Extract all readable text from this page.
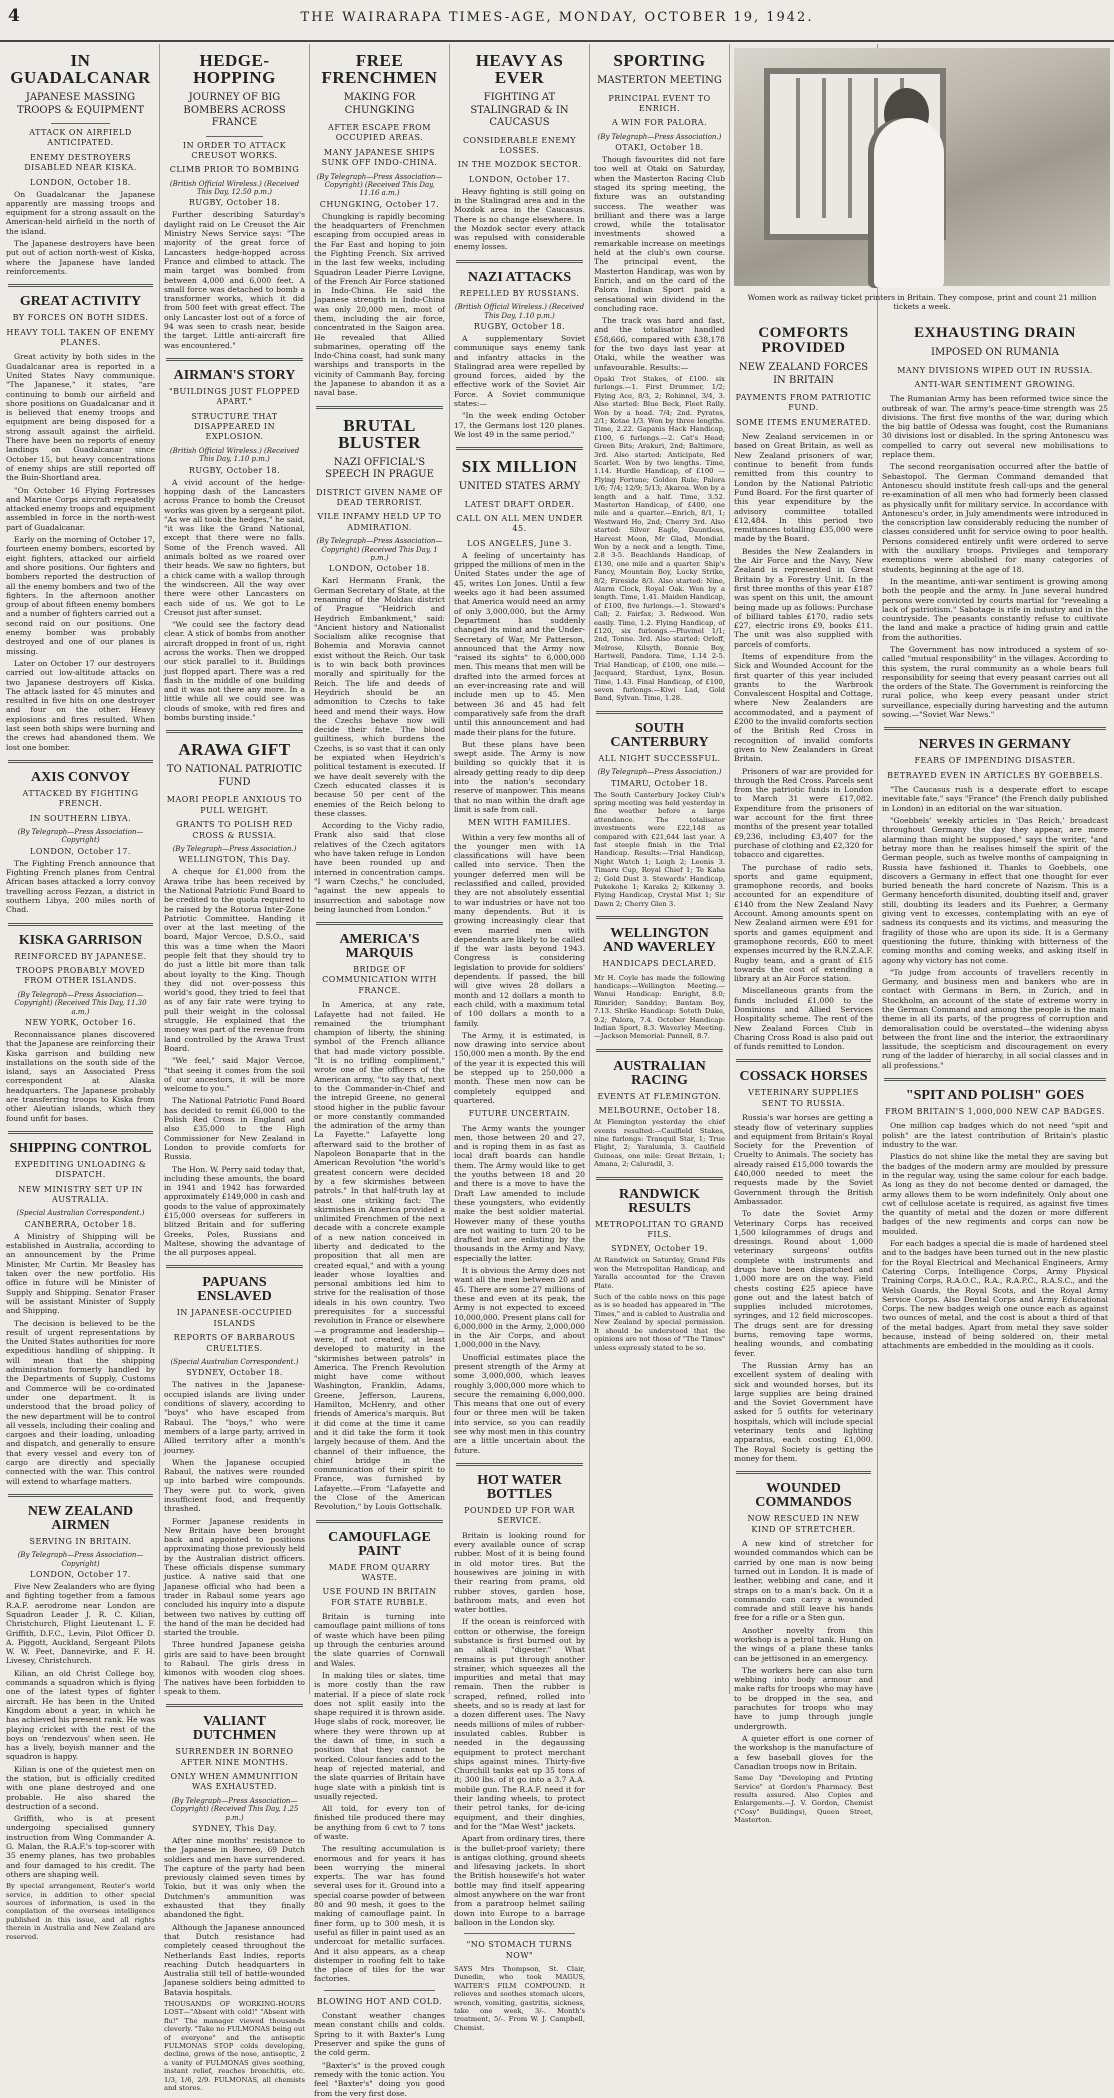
4	THE WAIRARAPA TIMES-AGE, MONDAY, OCTOBER 19, 1942.
IN GUADALCANAR
JAPANESE MASSING TROOPS & EQUIPMENT
ATTACK ON AIRFIELD ANTICIPATED.
ENEMY DESTROYERS DISABLED NEAR KISKA.
LONDON, October 18.

On Guadalcanar the Japanese apparently are massing troops and equipment for a strong assault on the American-held airfield in the north of the island.

The Japanese destroyers have been put out of action north-west of Kiska, where the Japanese have landed reinforcements.

GREAT ACTIVITY
BY FORCES ON BOTH SIDES.
HEAVY TOLL TAKEN OF ENEMY PLANES.

Great activity by both sides in the Guadalcanar area is reported in a United States Navy communique. "The Japanese," it states, "are continuing to bomb our airfield and shore positions on Guadalcanar and it is believed that enemy troops and equipment are being disposed for a strong assault against the airfield. There have been no reports of enemy landings on Guadalcanar since October 15, but heavy concentrations of enemy ships are still reported off the Buin-Shortland area.

"On October 16 Flying Fortresses and Marine Corps aircraft repeatedly attacked enemy troops and equipment assembled in force in the north-west part of Guadalcanar.

Early on the morning of October 17, fourteen enemy bombers, escorted by eight fighters, attacked our airfield and shore positions. Our fighters and bombers reported the destruction of all the enemy bombers and two of the fighters. In the afternoon another group of about fifteen enemy bombers and a number of fighters carried out a second raid on our positions. One enemy bomber was probably destroyed and one of our planes is missing.

Later on October 17 our destroyers carried out low-altitude attacks on two Japanese destroyers off Kiska. The attack lasted for 45 minutes and resulted in five hits on one destroyer and four on the other. Heavy explosions and fires resulted. When last seen both ships were burning and the crews had abandoned them. We lost one bomber.

AXIS CONVOY
ATTACKED BY FIGHTING FRENCH.
IN SOUTHERN LIBYA.
(By Telegraph—Press Association—Copyright)
LONDON, October 17.

The Fighting French announce that Fighting French planes from Central African bases attacked a lorry convoy travelling across Fezzan, a district in southern Libya, 200 miles north of Chad.

KISKA GARRISON
REINFORCED BY JAPANESE.
TROOPS PROBABLY MOVED FROM OTHER ISLANDS.
(By Telegraph—Press Association—Copyright) (Received This Day, 11.30 a.m.)
NEW YORK, October 16.

Reconnaissance planes discovered that the Japanese are reinforcing their Kiska garrison and building new installations on the south side of the island, says an Associated Press correspondent at Alaska headquarters. The Japanese probably are transferring troops to Kiska from other Aleutian islands, which they found unfit for bases.

SHIPPING CONTROL
EXPEDITING UNLOADING & DISPATCH.
NEW MINISTRY SET UP IN AUSTRALIA.
(Special Australian Correspondent.)
CANBERRA, October 18.

A Ministry of Shipping will be established in Australia, according to an announcement by the Prime Minister, Mr Curtin. Mr Beasley has taken over the new portfolio. His office in future will be Minister of Supply and Shipping. Senator Fraser will be assistant Minister of Supply and Shipping.

The decision is believed to be the result of urgent representations by the United States authorities for more expeditious handling of shipping. It will mean that the shipping administration formerly handled by the Departments of Supply, Customs and Commerce will be co-ordinated under one department. It is understood that the broad policy of the new department will be to control all vessels, including their coaling and cargoes and their loading, unloading and dispatch, and generally to ensure that every vessel and every ton of cargo are directly and specially connected with the war. This control will extend to wharfage matters.

NEW ZEALAND AIRMEN
SERVING IN BRITAIN.
(By Telegraph—Press Association—Copyright)
LONDON, October 17.

Five New Zealanders who are flying and fighting together from a famous R.A.F. aerodrome near London are Squadron Leader J. R. C. Kilian, Christchurch, Flight Lieutenant L. F. Griffith, D.F.C., Levin, Pilot Officer D. A. Piggott, Auckland, Sergeant Pilots W. W. Peet, Dannevirke, and F. H. Livesey, Christchurch.

Kilian, an old Christ College boy, commands a squadron which is flying one of the latest types of fighter aircraft. He has been in the United Kingdom about a year, in which he has achieved his present rank. He was playing cricket with the rest of the boys on 'rendezvous' when seen. He has a lively, boyish manner and the squadron is happy.

Kilian is one of the quietest men on the station, but is officially credited with one plane destroyed and one probable. He also shared the destruction of a second.

Griffith, who is at present undergoing specialised gunnery instruction from Wing Commander A. G. Malan, the R.A.F.'s top-scorer with 35 enemy planes, has two probables and four damaged to his credit. The others are shaping well.

By special arrangement, Reuter's world service, in addition to other special sources of information, is used in the compilation of the overseas intelligence published in this issue, and all rights therein in Australia and New Zealand are reserved.

HEDGE-HOPPING
JOURNEY OF BIG BOMBERS ACROSS FRANCE
IN ORDER TO ATTACK CREUSOT WORKS.
CLIMB PRIOR TO BOMBING
(British Official Wireless.) (Received This Day, 12.50 p.m.)
RUGBY, October 18.

Further describing Saturday's daylight raid on Le Creusot the Air Ministry News Service says: "The majority of the great force of Lancasters hedge-hopped across France and climbed to attack. The main target was bombed from between 4,000 and 6,000 feet. A small force was detached to bomb a transformer works, which it did from 500 feet with great effect. The only Lancaster lost out of a force of 94 was seen to crash near, beside the target. Little anti-aircraft fire was encountered."

AIRMAN'S STORY
"BUILDINGS JUST FLOPPED APART."
STRUCTURE THAT DISAPPEARED IN EXPLOSION.
(British Official Wireless.) (Received This Day, 1.10 p.m.)
RUGBY, October 18.

A vivid account of the hedge-hopping dash of the Lancasters across France to bomb the Creusot works was given by a sergeant pilot. "As we all took the hedges," he said, "it was like the Grand National, except that there were no falls. Some of the French waved. All animals bolted as we roared over their heads. We saw no fighters, but a chick came with a wallop through the windscreen. All the way over there were other Lancasters on each side of us. We got to Le Creusot just after sunset.

"We could see the factory dead clear. A stick of bombs from another aircraft dropped in front of us, right across the works. Then we dropped our stick parallel to it. Buildings just flopped apart. There was a red flash in the middle of one building and it was not there any more. In a little while all we could see was clouds of smoke, with red fires and bombs bursting inside."

ARAWA GIFT
TO NATIONAL PATRIOTIC FUND
MAORI PEOPLE ANXIOUS TO PULL WEIGHT.
GRANTS TO POLISH RED CROSS & RUSSIA.
(By Telegraph—Press Association.)
WELLINGTON, This Day.

A cheque for £1,000 from the Arawa tribe has been received by the National Patriotic Fund Board to be credited to the quota required to be raised by the Rotorua Inter-Zone Patriotic Committee. Handing it over at the last meeting of the board, Major Vercoe, D.S.O., said this was a time when the Maori people felt that they should try to do just a little bit more than talk about loyalty to the King. Though they did not over-possess this world's good, they tried to feel that as of any fair rate were trying to pull their weight in the colossal struggle. He explained that the money was part of the revenue from land controlled by the Arawa Trust Board.

"We feel," said Major Vercoe, "that seeing it comes from the soil of our ancestors, it will be more welcome to you."

The National Patriotic Fund Board has decided to remit £6,000 to the Polish Red Cross in England and also £35,000 to the High Commissioner for New Zealand in London to provide comforts for Russia.

The Hon. W. Perry said today that, including these amounts, the board in 1941 and 1942 has forwarded approximately £149,000 in cash and goods to the value of approximately £15,000 overseas for sufferers in blitzed Britain and for suffering Greeks, Poles, Russians and Maltese, showing the advantage of the all purposes appeal.

PAPUANS ENSLAVED
IN JAPANESE-OCCUPIED ISLANDS
REPORTS OF BARBAROUS CRUELTIES.
(Special Australian Correspondent.)
SYDNEY, October 18.

The natives in the Japanese-occupied islands are living under conditions of slavery, according to "boys" who have escaped from Rabaul. The "boys," who were members of a large party, arrived in Allied territory after a month's journey.

When the Japanese occupied Rabaul, the natives were rounded up into barbed wire compounds. They were put to work, given insufficient food, and frequently thrashed.

Former Japanese residents in New Britain have been brought back and appointed to positions approximating those previously held by the Australian district officers. These officials dispense summary justice. A native said that one Japanese official who had been a trader in Rabaul some years ago concluded his inquiry into a dispute between two natives by cutting off the hand of the man he decided had started the trouble.

Three hundred Japanese geisha girls are said to have been brought to Rabaul. The girls dress in kimonos with wooden clog shoes. The natives have been forbidden to speak to them.

VALIANT DUTCHMEN
SURRENDER IN BORNEO AFTER NINE MONTHS.
ONLY WHEN AMMUNITION WAS EXHAUSTED.
(By Telegraph—Press Association—Copyright) (Received This Day, 1.25 p.m.)
SYDNEY, This Day.

After nine months' resistance to the Japanese in Borneo, 69 Dutch soldiers and men have surrendered. The capture of the party had been previously claimed seven times by Tokio, but it was only when the Dutchmen's ammunition was exhausted that they finally abandoned the fight.

Although the Japanese announced that Dutch resistance had completely ceased throughout the Netherlands East Indies, reports reaching Dutch headquarters in Australia still tell of battle-wounded Japanese soldiers being admitted to Batavia hospitals.

THOUSANDS OF WORKING-HOURS LOST—"Absent with cold!" "Absent with flu!" The manager viewed thousands cleverly. "Take no FULMONAS being out of everyone" and the antiseptic FULMONAS STOP colds developing, decline, grows of the nose, antiseptic, 2 a vanity of FULMONAS gives soothing, instant relief, reaches bronchitis, etc. 1/3, 1/6, 2/9. FULMONAS, all chemists and stores.

FREE FRENCHMEN
MAKING FOR CHUNGKING
AFTER ESCAPE FROM OCCUPIED AREAS.
MANY JAPANESE SHIPS SUNK OFF INDO-CHINA.
(By Telegraph—Press Association—Copyright) (Received This Day, 11.16 a.m.)
CHUNGKING, October 17.

Chungking is rapidly becoming the headquarters of Frenchmen escaping from occupied areas in the Far East and hoping to join the Fighting French. Six arrived in the last few weeks, including Squadron Leader Pierre Lovigne, of the French Air Force stationed in Indo-China. He said the Japanese strength in Indo-China was only 20,000 men, most of them, including the air force, concentrated in the Saigon area. He revealed that Allied submarines, operating off the Indo-China coast, had sunk many warships and transports in the vicinity of Cammanh Bay, forcing the Japanese to abandon it as a naval base.

BRUTAL BLUSTER
NAZI OFFICIAL'S SPEECH IN PRAGUE
DISTRICT GIVEN NAME OF DEAD TERRORIST.
VILE INFAMY HELD UP TO ADMIRATION.
(By Telegraph—Press Association—Copyright) (Received This Day, 1 p.m.)
LONDON, October 18.

Karl Hermann Frank, the German Secretary of State, at the renaming of the Moldau district of Prague "Heidrich and Heydrich Embankment," said: "Ancient history and Nationalist Socialism alike recognise that Bohemia and Moravia cannot exist without the Reich. Our task is to win back both provinces morally and spiritually for the Reich. The life and deeds of Heydrich should be an admonition to Czechs to take heed and mend their ways. How the Czechs behave now will decide their fate. The blood guiltiness, which burdens the Czechs, is so vast that it can only be expiated when Heydrich's political testament is executed. If we have dealt severely with the Czech educated classes it is because 50 per cent of the enemies of the Reich belong to these classes.

According to the Vichy radio, Frank also said that close relatives of the Czech agitators who have taken refuge in London have been rounded up and interned in concentration camps. "I warn Czechs," he concluded, "against the new appeals to insurrection and sabotage now being launched from London."

AMERICA'S MARQUIS
BRIDGE OF COMMUNICATION WITH FRANCE.

In America, at any rate, Lafayette had not failed. He remained the triumphant champion of liberty, the shining symbol of the French alliance that had made victory possible. "It is no trifling compliment," wrote one of the officers of the American army, "to say that, next to the Commander-in-Chief and the intrepid Greene, no general stood higher in the public favour or more constantly commanded the admiration of the army than La Fayette." Lafayette long afterward said to the brother of Napoleon Bonaparte that in the American Revolution "the world's greatest concern were decided by a few skirmishes between patrols." In that half-truth lay at least one striking fact: The skirmishes in America provided a unlimited Frenchmen of the next decade with a concrete example of a new nation conceived in liberty and dedicated to the proposition that all men are created equal," and with a young leader whose loyalties and personal ambitions led him to strive for the realisation of those ideals in his own country. Two prerequisites for a successful revolution in France or elsewhere—a programme and leadership—were, if not created, at least developed to maturity in the "skirmishes between patrols" in America. The French Revolution might have come without Washington, Franklin, Adams, Greene, Jefferson, Laurens, Hamilton, McHenry, and other friends of America's marquis. But it did come at the time it came and it did take the form it took largely because of them. And the channel of their influence, the chief bridge in the communication of their spirit to France, was furnished by Lafayette.—From "Lafayette and the Close of the American Revolution," by Louis Gottschalk.

CAMOUFLAGE PAINT
MADE FROM QUARRY WASTE.
USE FOUND IN BRITAIN FOR STATE RUBBLE.

Britain is turning into camouflage paint millions of tons of waste which have been piling up through the centuries around the slate quarries of Cornwall and Wales.

In making tiles or slates, time is more costly than the raw material. If a piece of slate rock does not split easily into the shape required it is thrown aside. Huge slabs of rock, moreover, lie where they were thrown up at the dawn of time, in such a position that they cannot be worked. Colour fancies add to the heap of rejected material, and the slate quarries of Britain have huge slate with a pinkish tint is usually rejected.

All told, for every ton of finished tile produced there may be anything from 6 cwt to 7 tons of waste.

The resulting accumulation is enormous and for years it has been worrying the mineral experts. The war has found several uses for it. Ground into a special coarse powder of between 80 and 90 mesh, it goes to the making of camouflage paint. In finer form, up to 300 mesh, it is useful as filler in paint used as an undercoat for metallic surfaces. And it also appears, as a cheap distemper in roofing felt to take the place of tiles for the war factories.

BLOWING HOT AND COLD.

Constant weather changes mean constant chills and colds. Spring to it with Baxter's Lung Preserver and spike the guns of the cold germ.

"Baxter's" is the proved cough remedy with the tonic action. You feel "Baxter's" doing you good from the very first dose.

HEAVY AS EVER
FIGHTING AT STALINGRAD & IN CAUCASUS
CONSIDERABLE ENEMY LOSSES.
IN THE MOZDOK SECTOR.
LONDON, October 17.

Heavy fighting is still going on in the Stalingrad area and in the Mozdok area in the Caucasus. There is no change elsewhere. In the Mozdok sector every attack was repulsed with considerable enemy losses.

NAZI ATTACKS
REPELLED BY RUSSIANS.
(British Official Wireless.) (Received This Day, 1.10 p.m.)
RUGBY, October 18.

A supplementary Soviet communique says enemy tank and infantry attacks in the Stalingrad area were repelled by ground forces, aided by the effective work of the Soviet Air Force. A Soviet communique states:—

"In the week ending October 17, the Germans lost 120 planes. We lost 49 in the same period."

SIX MILLION
UNITED STATES ARMY
LATEST DRAFT ORDER.
CALL ON ALL MEN UNDER 45.
LOS ANGELES, June 3.

A feeling of uncertainty has gripped the millions of men in the United States under the age of 45, writes Lon Jones. Until a few weeks ago it had been assumed that America would need an army of only 3,000,000, but the Army Department has suddenly changed its mind and the Under-Secretary of War, Mr Patterson, announced that the Army now "raised its sights" to 6,000,000 men. This means that men will be drafted into the armed forces at an ever-increasing rate and will include men up to 45. Men between 36 and 45 had felt comparatively safe from the draft until this announcement and had made their plans for the future.

But these plans have been swept aside. The Army is now building so quickly that it is already getting ready to dip deep into the nation's secondary reserve of manpower. This means that no man within the draft age limit is safe from call.

MEN WITH FAMILIES.

Within a very few months all of the younger men with 1A classifications will have been called into service. Then the younger deferred men will be reclassified and called, provided they are not absolutely essential to war industries or have not too many dependents. But it is growing increasingly clear that even married men with dependents are likely to be called if the war lasts beyond 1943. Congress is considering legislation to provide for soldiers' dependents. If passed, the bill will give wives 28 dollars a month and 12 dollars a month to each child, with a maximum total of 100 dollars a month to a family.

The Army, it is estimated, is now drawing into service about 150,000 men a month. By the end of the year it is expected this will be stepped up to 250,000 a month. These men now can be completely equipped and quartered.

FUTURE UNCERTAIN.

The Army wants the younger men, those between 20 and 27, and is roping them in as fast as local draft boards can handle them. The Army would like to get the youths between 18 and 20 and there is a move to have the Draft Law amended to include these youngsters, who evidently make the best soldier material. However many of these youths are not waiting to turn 20 to be drafted but are enlisting by the thousands in the Army and Navy, especially the latter.

It is obvious the Army does not want all the men between 20 and 45. There are some 27 millions of these and even at its peak, the Army is not expected to exceed 10,000,000. Present plans call for 6,000,000 in the Army, 2,000,000 in the Air Corps, and about 1,000,000 in the Navy.

Unofficial estimates place the present strength of the Army at some 3,000,000, which leaves roughly 3,000,000 more which to secure the remaining 6,000,000. This means that one out of every four or three men will be taken into service, so you can readily see why most men in this country are a little uncertain about the future.

HOT WATER BOTTLES
POUNDED UP FOR WAR SERVICE.

Britain is looking round for every available ounce of scrap rubber. Most of it is being found in old motor tires. But the housewives are joining in with their rearing from prams, old rubber stoves, garden hose, bathroom mats, and even hot water bottles.

If the ocean is reinforced with cotton or otherwise, the foreign substance is first burned out by an alkali "digester." What remains is put through another strainer, which squeezes all the impurities and metal that may remain. Then the rubber is scraped, refined, rolled into sheets, and so is ready at last for a dozen different uses. The Navy needs millions of miles of rubber-insulated cables. Rubber is needed in the degaussing equipment to protect merchant ships against mines. Thirty-five Churchill tanks eat up 35 tons of it; 300 lbs. of it go into a 3.7 A.A. mobile gun. The R.A.F. need it for their landing wheels, to protect their petrol tanks, for de-icing equipment, and their dinghies, and for the "Mae West" jackets.

Apart from ordinary tires, there is the bullet-proof variety; there is antigas clothing, ground sheets and lifesaving jackets. In short the British housewife's hot water bottle may find itself appearing almost anywhere on the war front from a paratroop helmet sailing down into Europe to a barrage balloon in the London sky.

"NO STOMACH TURNS NOW"

SAYS Mrs Thompson, St. Clair, Dunedin, who took MAGUS, WAITER'S FILM COMPOUND. It relieves and soothes stomach ulcers, wrench, vomiting, gastritis, sickness, take one week, 3/-. Month's treatment, 5/-. From W. J. Campbell, Chemist.

SPORTING
MASTERTON MEETING
PRINCIPAL EVENT TO ENRICH.
A WIN FOR PALORA.
(By Telegraph—Press Association.)
OTAKI, October 18.

Though favourites did not fare too well at Otaki on Saturday, when the Masterton Racing Club staged its spring meeting, the fixture was an outstanding success. The weather was brilliant and there was a large crowd, while the totalisator investments showed a remarkable increase on meetings held at the club's own course. The principal event, the Masterton Handicap, was won by Enrich, and on the card of the Palora Indian Sport paid a sensational win dividend in the concluding race.

The track was hard and fast, and the totalisator handled £58,666, compared with £38,178 for the two days last year at Otaki, while the weather was unfavourable. Results:—

Opaki Trot Stakes, of £100. six furlongs.—1. First Drummer, 1/2; Flying Ace, 8/3, 2; Rohinnel, 3/4, 3. Also started: Blue Beck, Fleet Rally. Won by a head. 7/4; 2nd. Pyrates, 2/1; Kotae 1/3. Won by three lengths. Time, 2.22. Gapanis Hack Handicap, £100, 6 furlongs.—2. Cat's Head; Green Bits; Arakuri, 2nd; Baltimore, 3rd. Also started: Anticipate, Red Scarlet. Won by two lengths. Time, 1.14. Hurdle Handicap, of £100 —Flying Fortune; Golden Rule; Palora 1/6; 7/4; 12/9; 5/13; Akaroa. Won by a length and a half. Time, 3.52. Masterton Handicap, of £400, one mile and a quarter.—Enrich, 8/1, 1; Westward Ho, 2nd; Cherry 3rd. Also started: Silver Eagle, Dauntless, Harvest Moon, Mr Glad, Mondial. Won by a neck and a length. Time, 2.8 3-5. Beachlands Handicap, of £130, one mile and a quarter. Ship's Fancy, Mountain Boy, Lucky Strike, 8/2; Fireside 8/3. Also started: Nine, Alarm Clock, Royal Oak. Won by a length. Time, 1.41. Maiden Handicap, of £100, five furlongs.—1. Steward's Call; 2. Fairfax; 3. Redwood. Won easily. Time, 1.2. Flying Handicap, of £120, six furlongs.—Pluvinel 1/1; 2nd, Tonne. 3rd. Also started: Orloff, Melrose, Kilsyth, Bonnie Boy, Hartwell, Pandora. Time, 1.14 2-5. Trial Handicap, of £100, one mile.—Jacquard, Stardust, Lynx, Bosun. Time, 1.43. Final Handicap, of £100, seven furlongs.—Kiwi Lad, Gold Band, Sylvan. Time, 1.28.

SOUTH CANTERBURY
ALL NIGHT SUCCESSFUL.
(By Telegraph—Press Association.)
TIMARU, October 18.

The South Canterbury Jockey Club's spring meeting was held yesterday in fine weather before a large attendance. The totalisator investments were £22,148 as compared with £21,644 last year. A fast steeple finish in the Trial Handicap. Results:—Trial Handicap, Night Watch 1; Leigh 2; Leonis 3. Timaru Cup, Royal Chief 1; Te Kaha 2; Gold Dust 3. Stewards' Handicap, Pukekohe 1; Karaka 2; Kilkenny 3. Flying Handicap, Crystal Mist 1; Sir Dawn 2; Cherry Glen 3.

WELLINGTON AND WAVERLEY
HANDICAPS DECLARED.

Mr H. Coyle has made the following handicaps:—Wellington Meeting.—Wanui Handicap: Enright, 8.0; Rimrider; Sandday; Bantam Boy, 7.13. Shrike Handicap: Soteth Duke, 9.2; Palora, 7.4. October Handicap: Indian Sport, 8.3. Waverley Meeting.—Jackson Memorial: Pannell, 8.7.

AUSTRALIAN RACING
EVENTS AT FLEMINGTON.
MELBOURNE, October 18.

At Flemington yesterday the chief events resulted:—Caulfield Stakes, nine furlongs: Tranquil Star, 1; True Flight, 2; Yaralumla, 3. Caulfield Guineas, one mile: Great Britain, 1; Amana, 2; Caluradil, 3.

RANDWICK RESULTS
METROPOLITAN TO GRAND FILS.
SYDNEY, October 19.

At Randwick on Saturday, Grand Fils won the Metropolitan Handicap, and Yaralla accounted for the Craven Plate.

Such of the cable news on this page as is so headed has appeared in "The Times," and is cabled to Australia and New Zealand by special permission. It should be understood that the opinions are not those of "The Times" unless expressly stated to be so.

Women work as railway ticket printers in Britain. They compose, print and count 21 million tickets a week.
COMFORTS PROVIDED
NEW ZEALAND FORCES IN BRITAIN
PAYMENTS FROM PATRIOTIC FUND.
SOME ITEMS ENUMERATED.

New Zealand servicemen in or based on Great Britain, as well as New Zealand prisoners of war, continue to benefit from funds remitted from this country to London by the National Patriotic Fund Board. For the first quarter of this year expenditure by the advisory committee totalled £12,484. In this period two remittances totalling £35,000 were made by the Board.

Besides the New Zealanders in the Air Force and the Navy, New Zealand is represented in Great Britain by a Forestry Unit. In the first three months of this year £187 was spent on this unit, the amount being made up as follows: Purchase of billiard tables £170, radio sets £27, electric irons £9, books £11. The unit was also supplied with parcels of comforts.

Items of expenditure from the Sick and Wounded Account for the first quarter of this year included grants to the Warbrook Convalescent Hospital and Cottage, where New Zealanders are accommodated, and a payment of £200 to the invalid comforts section of the British Red Cross in recognition of invalid comforts given to New Zealanders in Great Britain.

Prisoners of war are provided for through the Red Cross. Parcels sent from the patriotic funds in London to March 31 were £17,082. Expenditure from the prisoners of war account for the first three months of the present year totalled £9,236, including £3,407 for the purchase of clothing and £2,320 for tobacco and cigarettes.

The purchase of radio sets, sports and game equipment, gramophone records, and books accounted for an expenditure of £140 from the New Zealand Navy Account. Among amounts spent on New Zealand airmen were £91 for sports and games equipment and gramophone records, £60 to meet expenses incurred by the R.N.Z.A.F. Rugby team, and a grant of £15 towards the cost of extending a library at an Air Force station.

Miscellaneous grants from the funds included £1,000 to the Dominions and Allied Services Hospitality scheme. The rent of the New Zealand Forces Club in Charing Cross Road is also paid out of funds remitted to London.

COSSACK HORSES
VETERINARY SUPPLIES SENT TO RUSSIA.

Russia's war horses are getting a steady flow of veterinary supplies and equipment from Britain's Royal Society for the Prevention of Cruelty to Animals. The society has already raised £15,000 towards the £40,000 needed to meet the requests made by the Soviet Government through the British Ambassador.

To date the Soviet Army Veterinary Corps has received 1,500 kilogrammes of drugs and dressings. Round about 1,000 veterinary surgeons' outfits complete with instruments and drugs have been dispatched and 1,000 more are on the way. Field chests costing £25 apiece have gone out and the latest batch of supplies included microtomes, syringes, and 12 field microscopes. The drugs sent are for dressing burns, removing tape worms, healing wounds, and combating fever.

The Russian Army has an excellent system of dealing with sick and wounded horses, but its large supplies are being drained and the Soviet Government have asked for 5 outfits for veterinary hospitals, which will include special veterinary tents and lighting apparatus, each costing £1,000. The Royal Society is getting the money for them.

WOUNDED COMMANDOS
NOW RESCUED IN NEW KIND OF STRETCHER.

A new kind of stretcher for wounded commandos which can be carried by one man is now being turned out in London. It is made of leather, webbing and cane, and it straps on to a man's back. On it a commando can carry a wounded comrade and still leave his hands free for a rifle or a Sten gun.

Another novelty from this workshop is a petrol tank. Hung on the wings of a plane these tanks can be jettisoned in an emergency.

The workers here can also turn webbing into body armour and make rafts for troops who may have to be dropped in the sea, and parachutes for troops who may have to jump through jungle undergrowth.

A quieter effort is one corner of the workshop is the manufacture of a few baseball gloves for the Canadian troops now in Britain.

Same Day "Developing and Printing Service" at Gordon's Pharmacy. Best results assured. Also Copies and Enlargements.—J. V. Gordon, Chemist ("Cosy" Buildings), Queen Street, Masterton.

EXHAUSTING DRAIN
IMPOSED ON RUMANIA
MANY DIVISIONS WIPED OUT IN RUSSIA.
ANTI-WAR SENTIMENT GROWING.

The Rumanian Army has been reformed twice since the outbreak of war. The army's peace-time strength was 25 divisions. The first five months of the war, during which the big battle of Odessa was fought, cost the Rumanians 30 divisions lost or disabled. In the spring Antonescu was compelled to carry out several new mobilisations to replace them.

The second reorganisation occurred after the battle of Sebastopol. The German Command demanded that Antonescu should institute fresh call-ups and the general re-examination of all men who had formerly been classed as physically unfit for military service. In accordance with Antonescu's order, in July amendments were introduced in the conscription law considerably reducing the number of classes considered unfit for service owing to poor health. Persons considered entirely unfit were ordered to serve with the auxiliary troops. Privileges and temporary exemptions were abolished for many categories of students, beginning at the age of 18.

In the meantime, anti-war sentiment is growing among both the people and the army. In June several hundred persons were convicted by courts martial for "revealing a lack of patriotism." Sabotage is rife in industry and in the countryside. The peasants constantly refuse to cultivate the land and make a practice of hiding grain and cattle from the authorities.

The Government has now introduced a system of so-called "mutual responsibility" in the villages. According to this system, the rural community as a whole bears full responsibility for seeing that every peasant carries out all the orders of the State. The Government is reinforcing the rural police, who keep every peasant under strict surveillance, especially during harvesting and the autumn sowing.—"Soviet War News."

NERVES IN GERMANY
FEARS OF IMPENDING DISASTER.
BETRAYED EVEN IN ARTICLES BY GOEBBELS.

"The Caucasus rush is a desperate effort to escape inevitable fate," says "France" (the French daily published in London) in an editorial on the war situation.

"Goebbels' weekly articles in 'Das Reich,' broadcast throughout Germany the day they appear, are more alarming than might be supposed," says the writer, "and betray more than he realises himself the spirit of the German people, such as twelve months of campaigning in Russia have fashioned it. Thanks to Goebbels, one discovers a Germany in effect that one thought for ever buried beneath the hard concrete of Nazism. This is a Germany henceforth disunited, doubting itself and, graver still, doubting its leaders and its Fuehrer, a Germany giving vent to excesses, contemplating with an eye of sadness its conquests and its victims, and measuring the fragility of those who are upon its side. It is a Germany questioning the future, thinking with bitterness of the coming months and coming weeks, and asking itself in agony why victory has not come.

"To judge from accounts of travellers recently in Germany, and business men and bankers who are in contact with Germans in Bern, in Zurich, and in Stockholm, an account of the state of extreme worry in the German Command and among the people is the main theme in all its parts, of the progress of corruption and demoralisation could be overstated—the widening abyss between the front line and the interior, the extraordinary lassitude, the scepticism and discouragement on every rung of the ladder of hierarchy, in all social classes and in all professions."

"SPIT AND POLISH" GOES
FROM BRITAIN'S 1,000,000 NEW CAP BADGES.

One million cap badges which do not need "spit and polish" are the latest contribution of Britain's plastic industry to the war.

Plastics do not shine like the metal they are saving but the badges of the modern army are moulded by pressure in the regular way, using the same colour for each badge. As long as they do not become dented or damaged, the army allows them to be worn indefinitely. Only about one cwt of cellulose acetate is required, as against five times the quantity of metal and the dozen or more different badges of the new regiments and corps can now be moulded.

For each badges a special die is made of hardened steel and to the badges have been turned out in the new plastic for the Royal Electrical and Mechanical Engineers, Army Catering Corps, Intelligence Corps, Army Physical Training Corps, R.A.O.C., R.A., R.A.P.C., R.A.S.C., and the Welsh Guards, the Royal Scots, and the Royal Army Service Corps. Also Dental Corps and Army Educational Corps. The new badges weigh one ounce each as against two ounces of metal, and the cost is about a third of that of the metal badges. Apart from metal they save solder because, instead of being soldered on, their metal attachments are embedded in the moulding as it cools.
